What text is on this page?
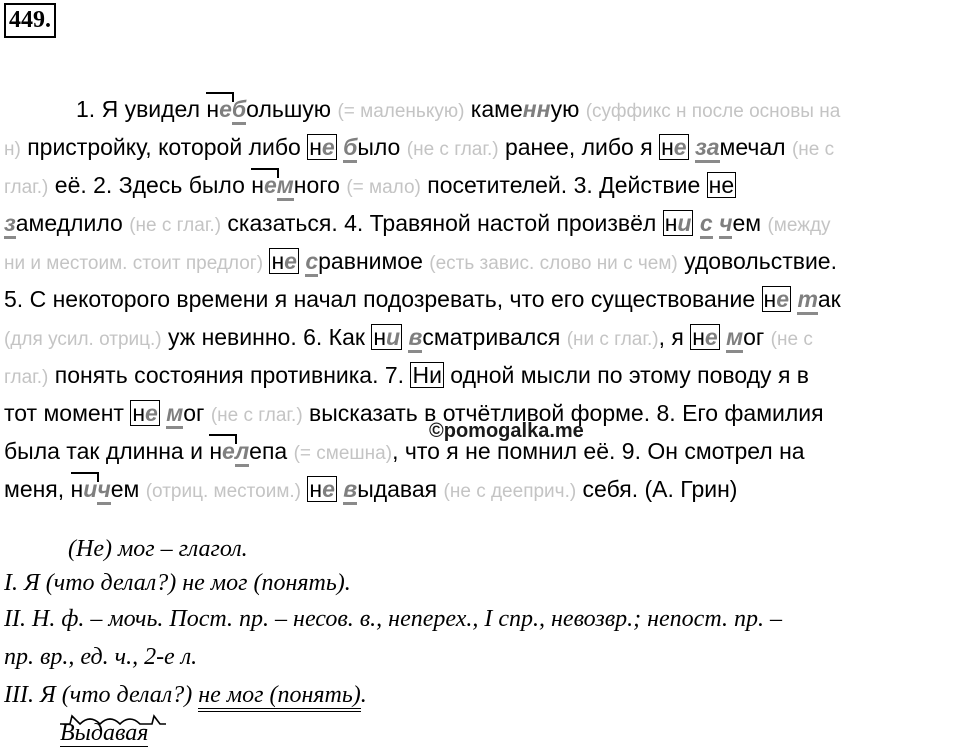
449.
1. Я увидел небольшую (= маленькую) каменную (суффикс н после основы на
н) пристройку, которой либо не было (не с глаг.) ранее, либо я не замечал (не с
глаг.) её. 2. Здесь было немного (= мало) посетителей. 3. Действие не
замедлило (не с глаг.) сказаться. 4. Травяной настой произвёл ни с чем (между
ни и местоим. стоит предлог) не сравнимое (есть завис. слово ни с чем) удовольствие.
5. С некоторого времени я начал подозревать, что его существование не так
(для усил. отриц.) уж невинно. 6. Как ни всматривался (ни с глаг.), я не мог (не с
глаг.) понять состояния противника. 7. Ни одной мысли по этому поводу я в
тот момент не мог (не с глаг.) высказать в отчётливой форме. 8. Его фамилия
была так длинна и нелепа (= смешна), что я не помнил её. 9. Он смотрел на
меня, ничем (отриц. местоим.) не выдавая (не с дееприч.) себя. (А. Грин)
©pomogalka.me
(Не) мог – глагол.
I. Я (что делал?) не мог (понять).
II. Н. ф. – мочь. Пост. пр. – несов. в., неперех., I спр., невозвр.; непост. пр. –
пр. вр., ед. ч., 2-е л.
III. Я (что делал?) не мог (понять).
Выдавая
